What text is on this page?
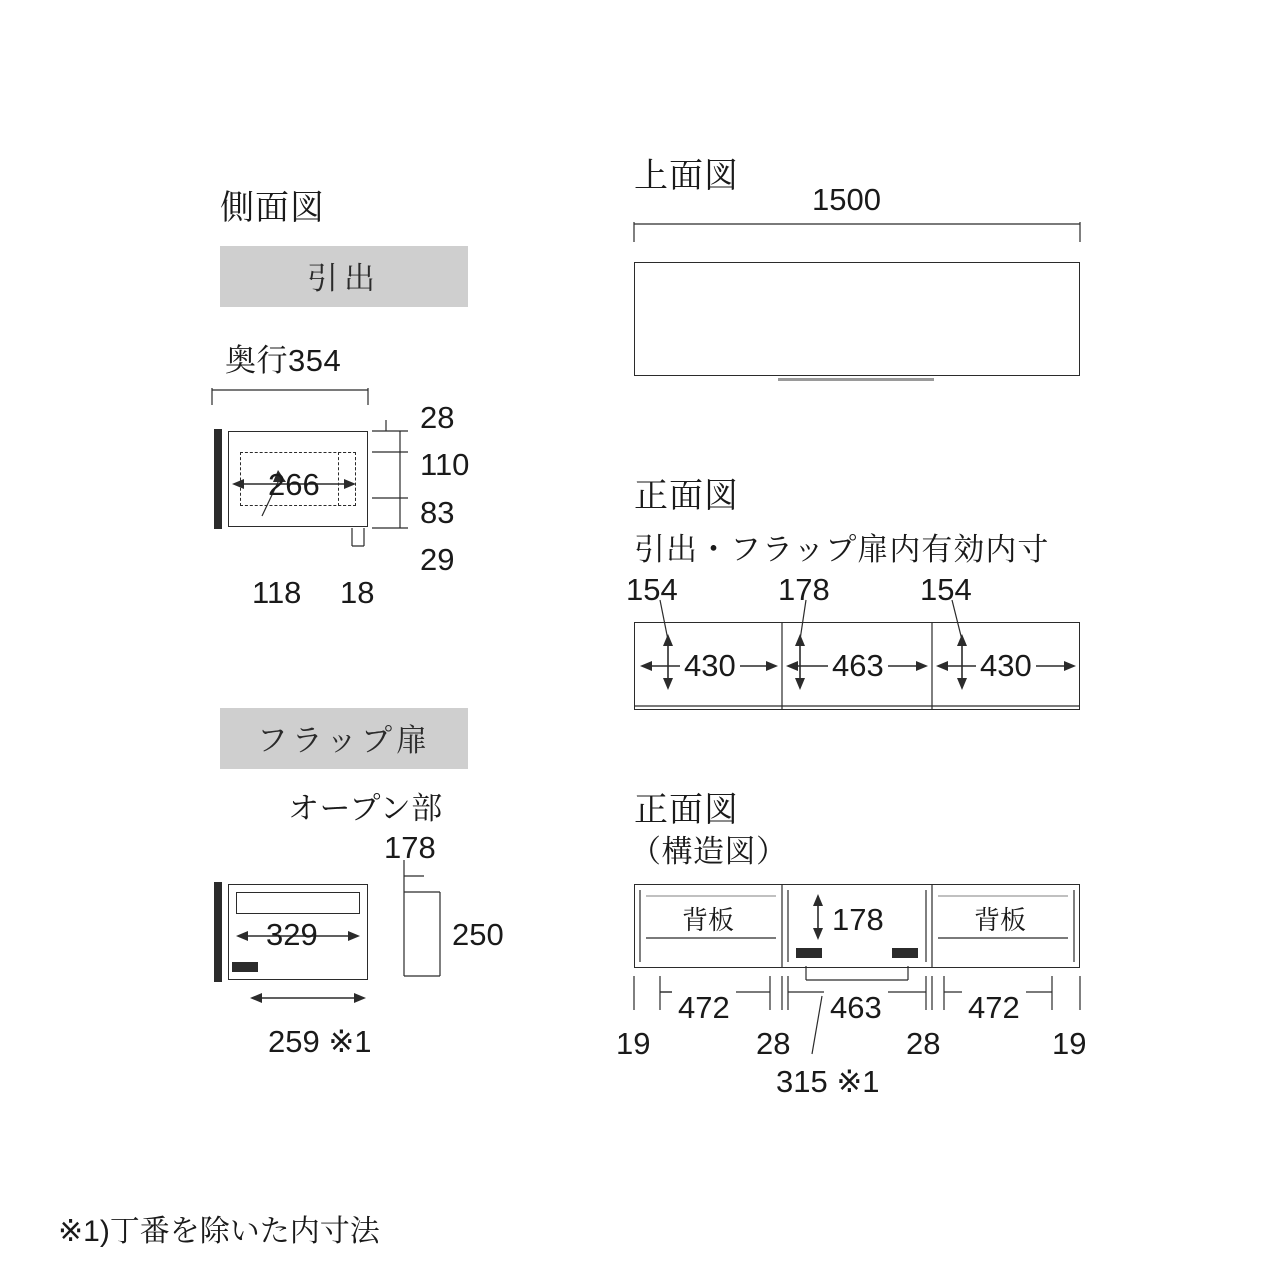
側面図
引出
奥行354
266
28
110
83
29
118 18
フラップ扉
オープン部
178
329	250
259 ※1
上面図
1500
正面図
引出・フラップ扉内有効内寸
154	178	154
430	463	430
正面図
（構造図）
背板	背板
178
19
472
28
463
28
472
19
315 ※1
※1)丁番を除いた内寸法
